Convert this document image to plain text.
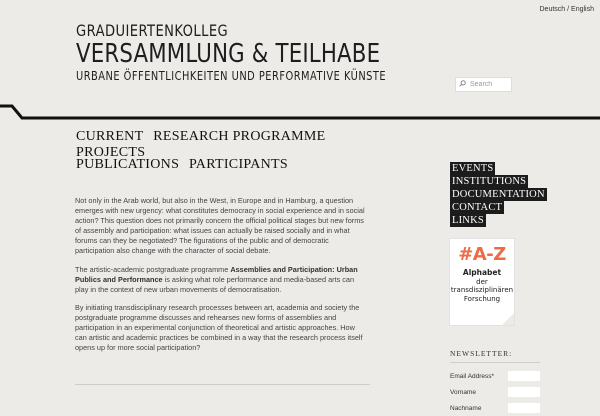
Deutsch / English
GRADUIERTENKOLLEG
VERSAMMLUNG & TEILHABE
URBANE ÖFFENTLICHKEITEN UND PERFORMATIVE KÜNSTE
Search
CURRENT RESEARCH PROGRAMME PROJECTS
PUBLICATIONS PARTICIPANTS

Not only in the Arab world, but also in the West, in Europe and in Hamburg, a question emerges with new urgency: what constitutes democracy in social experience and in social action? This question does not primarily concern the official political stages but new forms of assembly and participation: what issues can actually be raised socially and in what forums can they be negotiated? The figurations of the public and of democratic participation also change with the character of social debate.

The artistic-academic postgraduate programme Assemblies and Participation: Urban Publics and Performance is asking what role performance and media-based arts can play in the context of new urban movements of democratisation.

By initiating transdisciplinary research processes between art, academia and society the postgraduate programme discusses and rehearses new forms of assemblies and participation in an experimental conjunction of theoretical and artistic approaches. How can artistic and academic practices be combined in a way that the research process itself opens up for more social participation?

EVENTS
INSTITUTIONS
DOCUMENTATION
CONTACT
LINKS
#A-Z
Alphabet
der
transdisziplinären
Forschung
NEWSLETTER:
Email Address*
Vorname
Nachname
